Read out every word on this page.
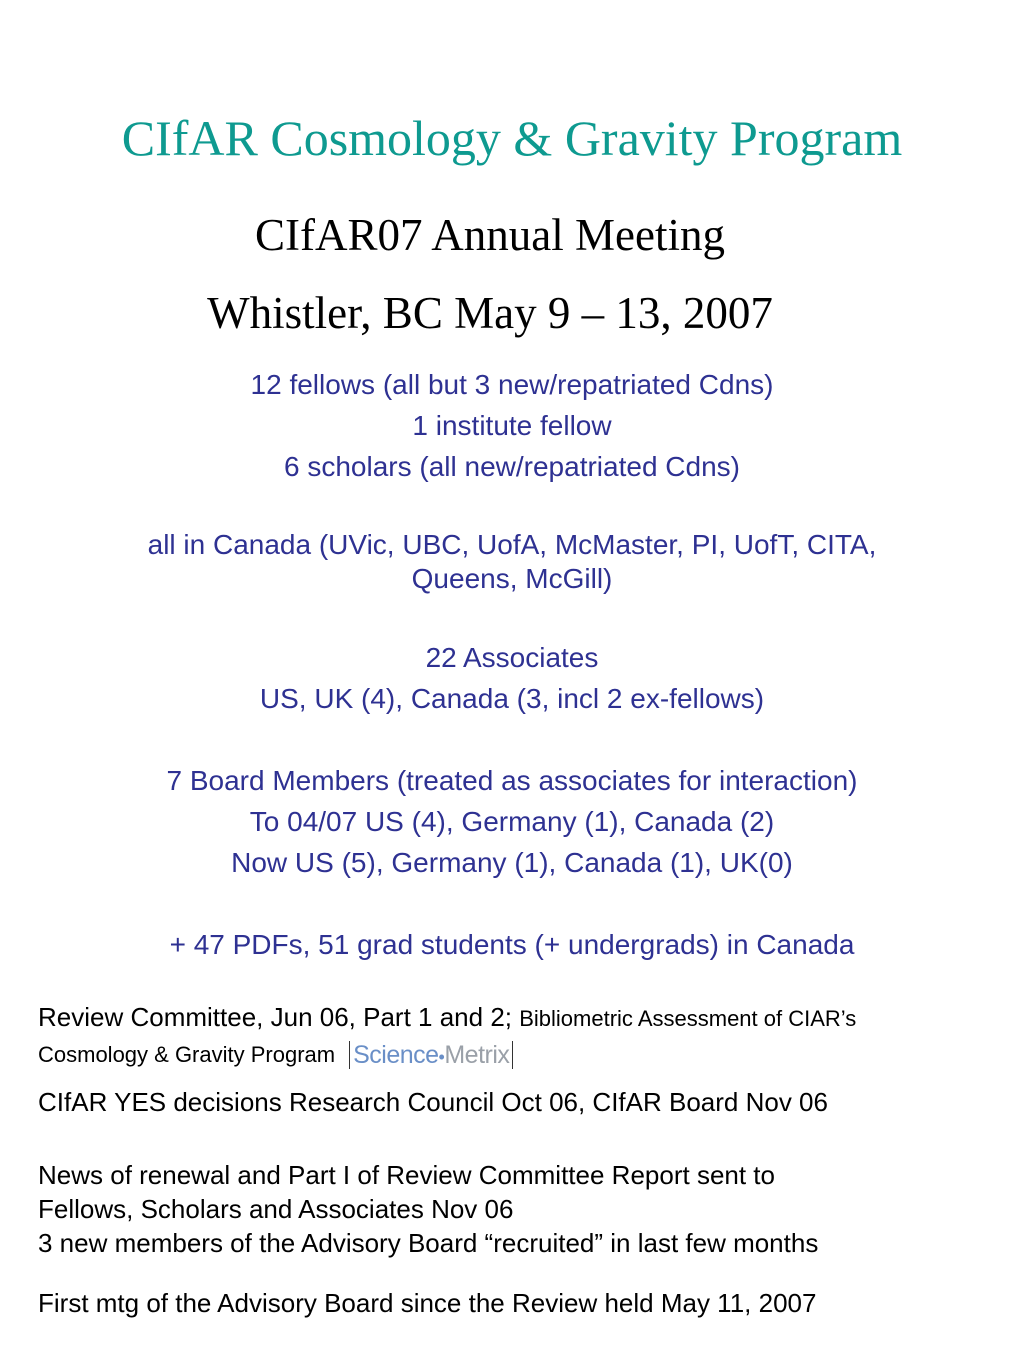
CIfAR Cosmology & Gravity Program
CIfAR07 Annual Meeting
Whistler, BC May 9 – 13, 2007
12 fellows (all but 3 new/repatriated Cdns)
1 institute fellow
6 scholars (all new/repatriated Cdns)
all in Canada (UVic, UBC, UofA, McMaster, PI, UofT, CITA,
Queens, McGill)
22 Associates
US, UK (4), Canada (3, incl 2 ex-fellows)
7 Board Members (treated as associates for interaction)
To 04/07 US (4), Germany (1), Canada (2)
Now US (5), Germany (1), Canada (1), UK(0)
+ 47 PDFs, 51 grad students (+ undergrads) in Canada
Review Committee, Jun 06, Part 1 and 2; Bibliometric Assessment of CIAR’s
Cosmology & Gravity Program Science•Metrix
CIfAR YES decisions Research Council Oct 06, CIfAR Board Nov 06
News of renewal and Part I of Review Committee Report sent to
Fellows, Scholars and Associates Nov 06
3 new members of the Advisory Board “recruited” in last few months
First mtg of the Advisory Board since the Review held May 11, 2007
